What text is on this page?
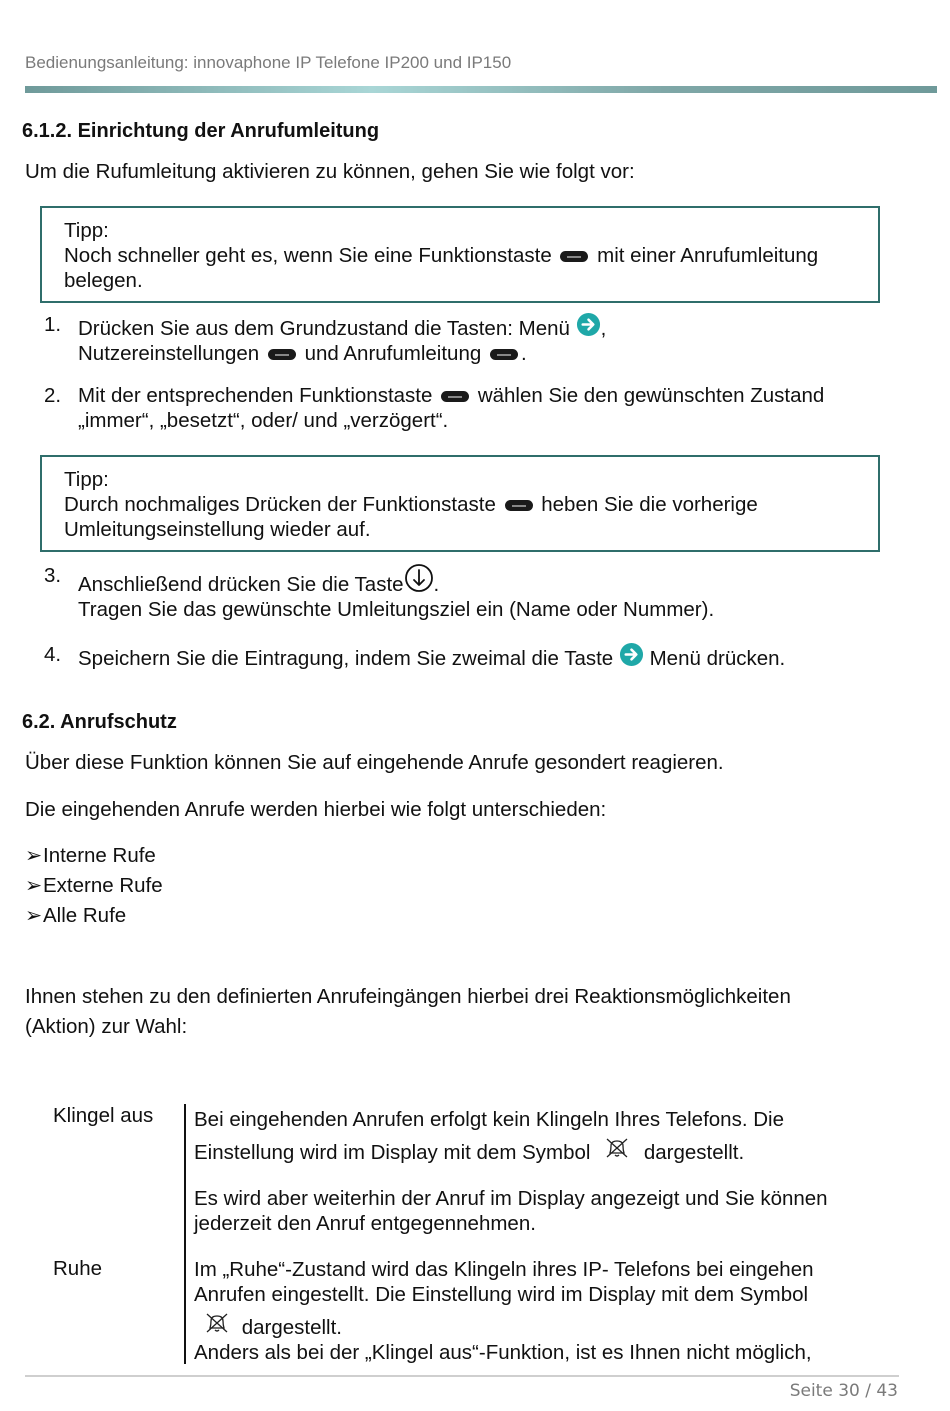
Bedienungsanleitung: innovaphone IP Telefone IP200 und IP150
6.1.2. Einrichtung der Anrufumleitung
Um die Rufumleitung aktivieren zu können, gehen Sie wie folgt vor:
Tipp:
Noch schneller geht es, wenn Sie eine Funktionstaste mit einer Anrufumleitung
belegen.
1. Drücken Sie aus dem Grundzustand die Tasten: Menü ,
Nutzereinstellungen und Anrufumleitung .
2. Mit der entsprechenden Funktionstaste wählen Sie den gewünschten Zustand
„immer“, „besetzt“, oder/ und „verzögert“.
Tipp:
Durch nochmaliges Drücken der Funktionstaste heben Sie die vorherige
Umleitungseinstellung wieder auf.
3. Anschließend drücken Sie die Taste .
Tragen Sie das gewünschte Umleitungsziel ein (Name oder Nummer).
4. Speichern Sie die Eintragung, indem Sie zweimal die Taste Menü drücken.
6.2. Anrufschutz
Über diese Funktion können Sie auf eingehende Anrufe gesondert reagieren.
Die eingehenden Anrufe werden hierbei wie folgt unterschieden:
➢Interne Rufe
➢Externe Rufe
➢Alle Rufe
Ihnen stehen zu den definierten Anrufeingängen hierbei drei Reaktionsmöglichkeiten
(Aktion) zur Wahl:
Klingel aus Bei eingehenden Anrufen erfolgt kein Klingeln Ihres Telefons. Die
Einstellung wird im Display mit dem Symbol	dargestellt.
Es wird aber weiterhin der Anruf im Display angezeigt und Sie können
jederzeit den Anruf entgegennehmen.
Ruhe	Im „Ruhe“-Zustand wird das Klingeln ihres IP- Telefons bei eingehen
Anrufen eingestellt. Die Einstellung wird im Display mit dem Symbol
dargestellt.
Anders als bei der „Klingel aus“-Funktion, ist es Ihnen nicht möglich,
Seite 30 / 43
